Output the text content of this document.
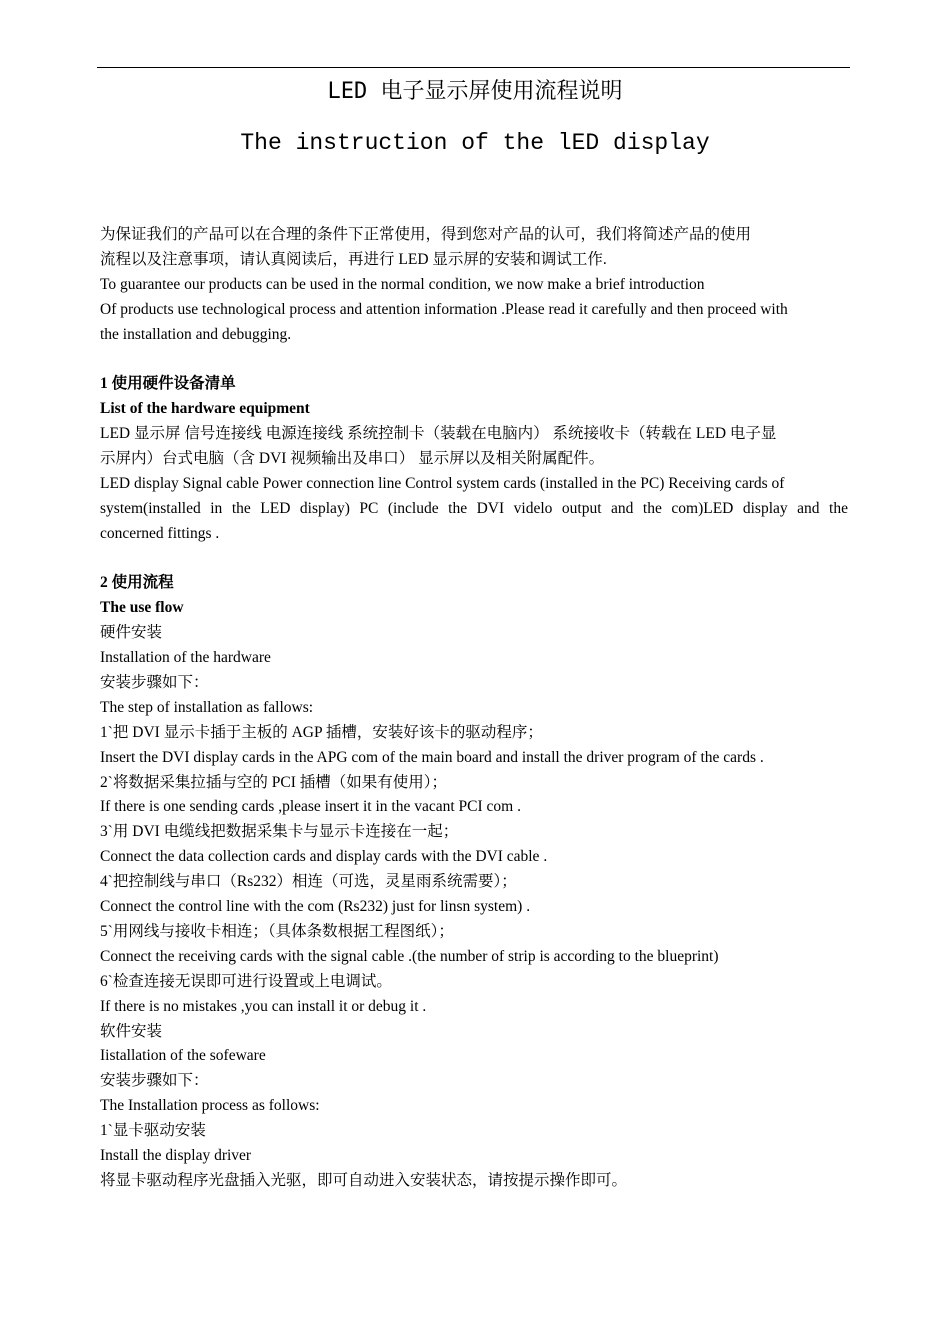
LED 电子显示屏使用流程说明
The instruction of the lED display
为保证我们的产品可以在合理的条件下正常使用，得到您对产品的认可，我们将简述产品的使用
流程以及注意事项，请认真阅读后，再进行 LED 显示屏的安装和调试工作.
To guarantee our products can be used in the normal condition, we now make a brief introduction
Of products use technological process and attention information .Please read it carefully and then proceed with
the installation and debugging.
1 使用硬件设备清单
List of the hardware equipment
LED 显示屏 信号连接线 电源连接线 系统控制卡（装载在电脑内） 系统接收卡（转载在 LED 电子显
示屏内）台式电脑（含 DVI 视频输出及串口） 显示屏以及相关附属配件。
LED display Signal cable Power connection line Control system cards (installed in the PC) Receiving cards of
system(installed in the LED display) PC (include the DVI videlo output and the com)LED display and the
concerned fittings .
2 使用流程
The use flow
硬件安装
Installation of the hardware
安装步骤如下：
The step of installation as fallows:
1`把 DVI 显示卡插于主板的 AGP 插槽，安装好该卡的驱动程序；
Insert the DVI display cards in the APG com of the main board and install the driver program of the cards .
2`将数据采集拉插与空的 PCI 插槽（如果有使用）；
If there is one sending cards ,please insert it in the vacant PCI com .
3`用 DVI 电缆线把数据采集卡与显示卡连接在一起；
Connect the data collection cards and display cards with the DVI cable .
4`把控制线与串口（Rs232）相连（可选，灵星雨系统需要）；
Connect the control line with the com (Rs232) just for linsn system) .
5`用网线与接收卡相连；（具体条数根据工程图纸）；
Connect the receiving cards with the signal cable .(the number of strip is according to the blueprint)
6`检查连接无误即可进行设置或上电调试。
If there is no mistakes ,you can install it or debug it .
软件安装
Iistallation of the sofeware
安装步骤如下：
The Installation process as follows:
1`显卡驱动安装
Install the display driver
将显卡驱动程序光盘插入光驱，即可自动进入安装状态，请按提示操作即可。
